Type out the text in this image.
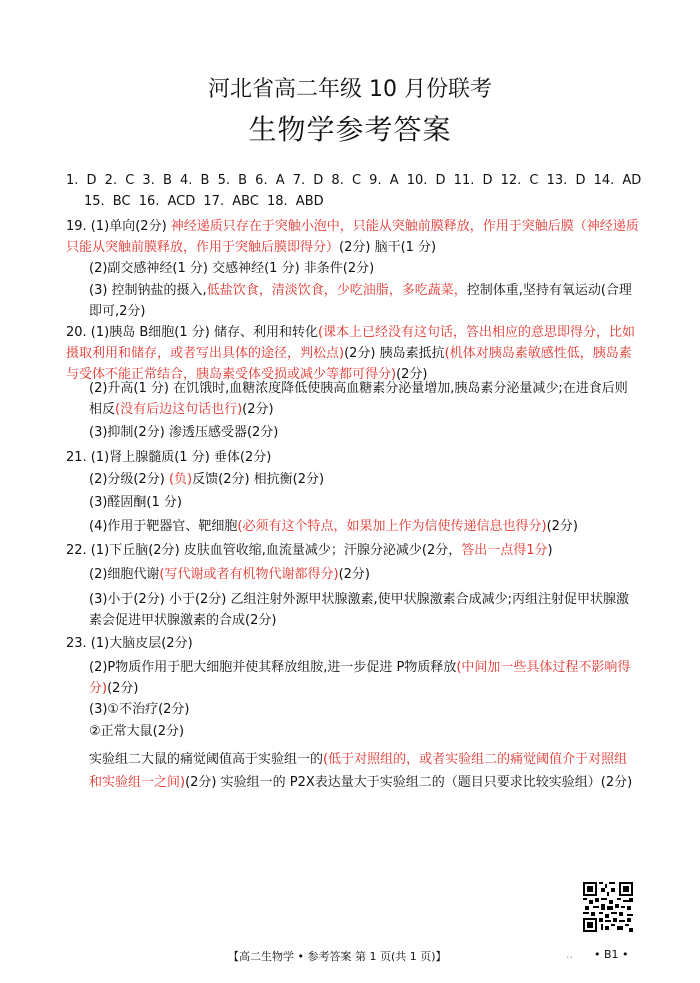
河北省高二年级 10 月份联考
生物学参考答案
1. D 2. C 3. B 4. B 5. B 6. A 7. D 8. C 9. A 10. D 11. D 12. C 13. D 14. AD
15. BC 16. ACD 17. ABC 18. ABD
19. (1)单向(2分) 神经递质只存在于突触小泡中，只能从突触前膜释放，作用于突触后膜（神经递质只能从突触前膜释放，作用于突触后膜即得分）(2分) 脑干(1 分)
(2)副交感神经(1 分) 交感神经(1 分) 非条件(2分)
(3) 控制钠盐的摄入,低盐饮食，清淡饮食，少吃油脂，多吃蔬菜，控制体重,坚持有氧运动(合理即可,2分)
20. (1)胰岛 B细胞(1 分) 储存、利用和转化(课本上已经没有这句话，答出相应的意思即得分，比如摄取利用和储存，或者写出具体的途径，判松点)(2分) 胰岛素抵抗(机体对胰岛素敏感性低，胰岛素与受体不能正常结合，胰岛素受体受损或减少等都可得分)(2分)
(2)升高(1 分) 在饥饿时,血糖浓度降低使胰高血糖素分泌量增加,胰岛素分泌量减少;在进食后则相反(没有后边这句话也行)(2分)
(3)抑制(2分) 渗透压感受器(2分)
21. (1)肾上腺髓质(1 分) 垂体(2分)
(2)分级(2分) (负)反馈(2分) 相抗衡(2分)
(3)醛固酮(1 分)
(4)作用于靶器官、靶细胞(必须有这个特点，如果加上作为信使传递信息也得分)(2分)
22. (1)下丘脑(2分) 皮肤血管收缩,血流量减少；汗腺分泌减少(2分，答出一点得1分)
(2)细胞代谢(写代谢或者有机物代谢都得分)(2分)
(3)小于(2分) 小于(2分) 乙组注射外源甲状腺激素,使甲状腺激素合成减少;丙组注射促甲状腺激素会促进甲状腺激素的合成(2分)
23. (1)大脑皮层(2分)
(2)P物质作用于肥大细胞并使其释放组胺,进一步促进 P物质释放(中间加一些具体过程不影响得分)(2分)
(3)①不治疗(2分)
②正常大鼠(2分)
实验组二大鼠的痛觉阈值高于实验组一的(低于对照组的，或者实验组二的痛觉阈值介于对照组和实验组一之间)(2分) 实验组一的 P2X表达量大于实验组二的（题目只要求比较实验组）(2分)
【高二生物学 • 参考答案 第 1 页(共 1 页)】	.. • B1 •
